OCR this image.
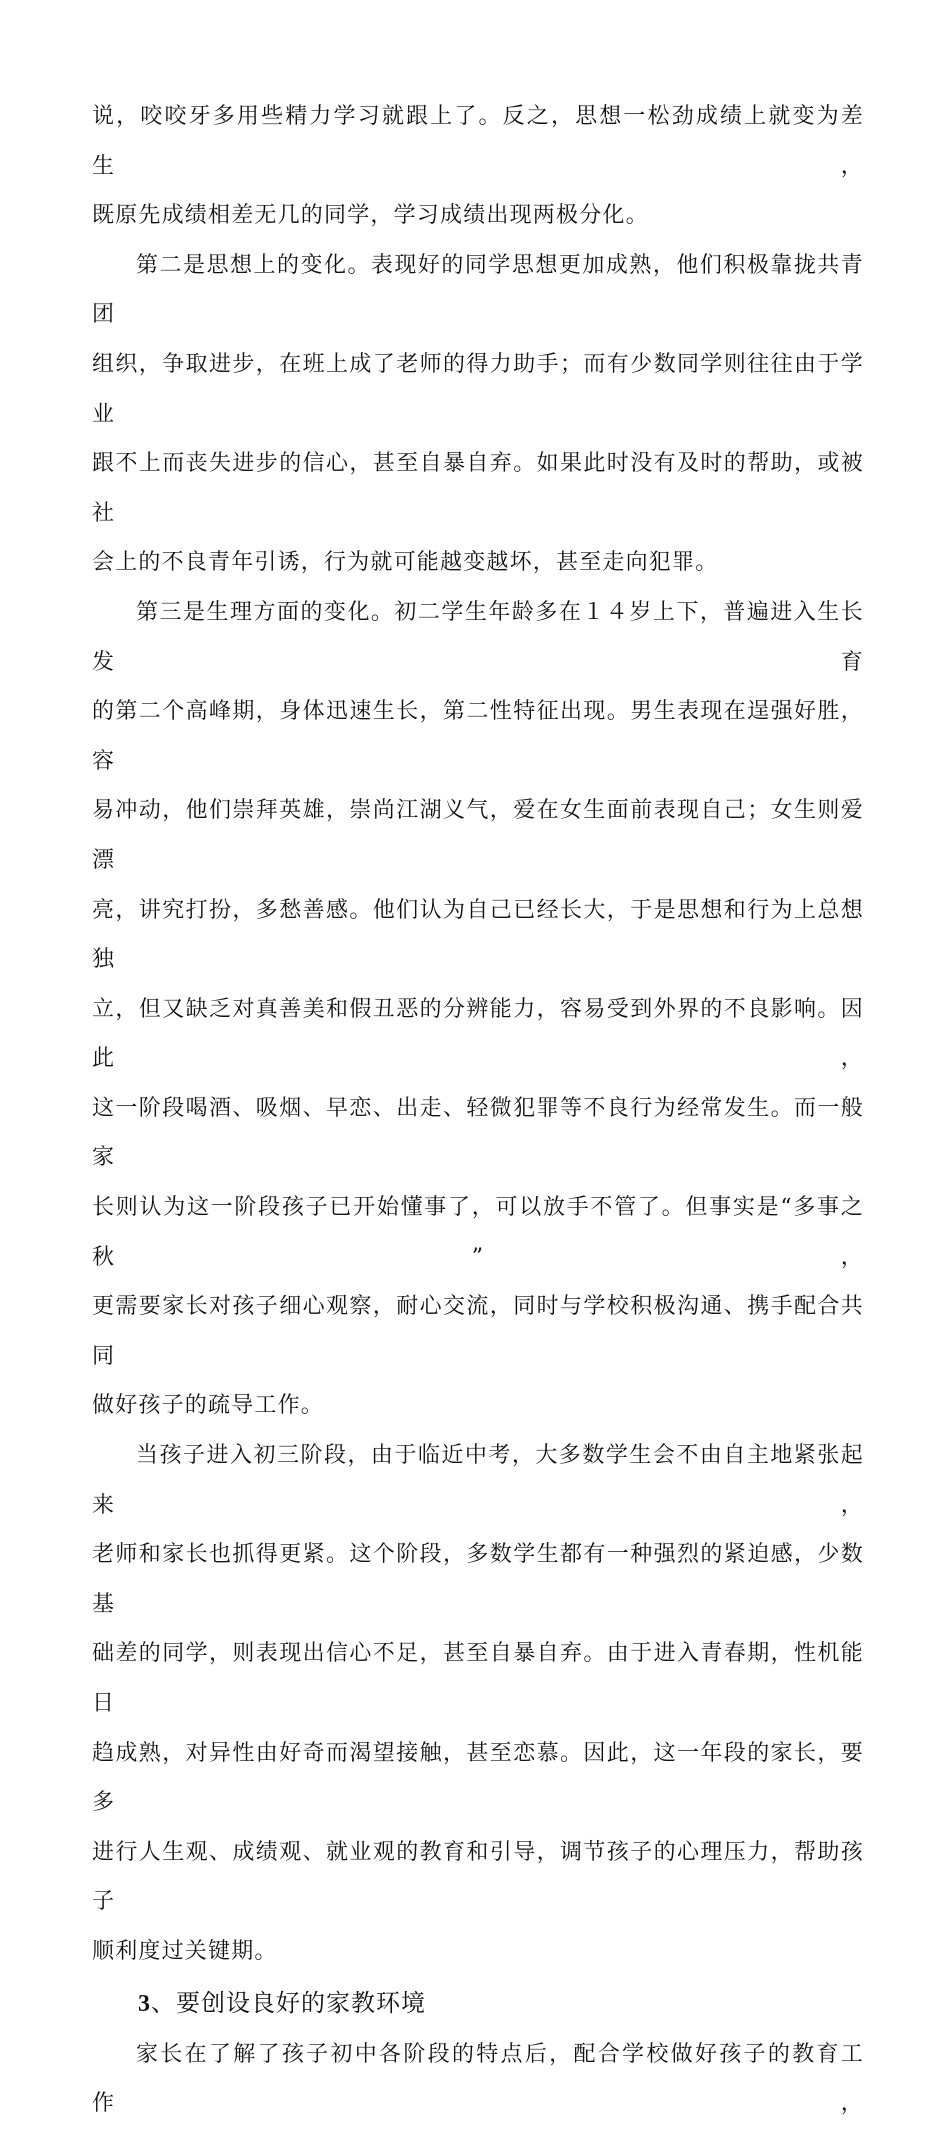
说，咬咬牙多用些精力学习就跟上了。反之，思想一松劲成绩上就变为差生，

既原先成绩相差无几的同学，学习成绩出现两极分化。

第二是思想上的变化。表现好的同学思想更加成熟，他们积极靠拢共青团

组织，争取进步，在班上成了老师的得力助手；而有少数同学则往往由于学业

跟不上而丧失进步的信心，甚至自暴自弃。如果此时没有及时的帮助，或被社

会上的不良青年引诱，行为就可能越变越坏，甚至走向犯罪。

第三是生理方面的变化。初二学生年龄多在１４岁上下，普遍进入生长发育

的第二个高峰期，身体迅速生长，第二性特征出现。男生表现在逞强好胜，容

易冲动，他们崇拜英雄，崇尚江湖义气，爱在女生面前表现自己；女生则爱漂

亮，讲究打扮，多愁善感。他们认为自己已经长大，于是思想和行为上总想独

立，但又缺乏对真善美和假丑恶的分辨能力，容易受到外界的不良影响。因此，

这一阶段喝酒、吸烟、早恋、出走、轻微犯罪等不良行为经常发生。而一般家

长则认为这一阶段孩子已开始懂事了，可以放手不管了。但事实是“多事之秋”，

更需要家长对孩子细心观察，耐心交流，同时与学校积极沟通、携手配合共同

做好孩子的疏导工作。

当孩子进入初三阶段，由于临近中考，大多数学生会不由自主地紧张起来，

老师和家长也抓得更紧。这个阶段，多数学生都有一种强烈的紧迫感，少数基

础差的同学，则表现出信心不足，甚至自暴自弃。由于进入青春期，性机能日

趋成熟，对异性由好奇而渴望接触，甚至恋慕。因此，这一年段的家长，要多

进行人生观、成绩观、就业观的教育和引导，调节孩子的心理压力，帮助孩子

顺利度过关键期。

3、要创设良好的家教环境

家长在了解了孩子初中各阶段的特点后，配合学校做好孩子的教育工作，
